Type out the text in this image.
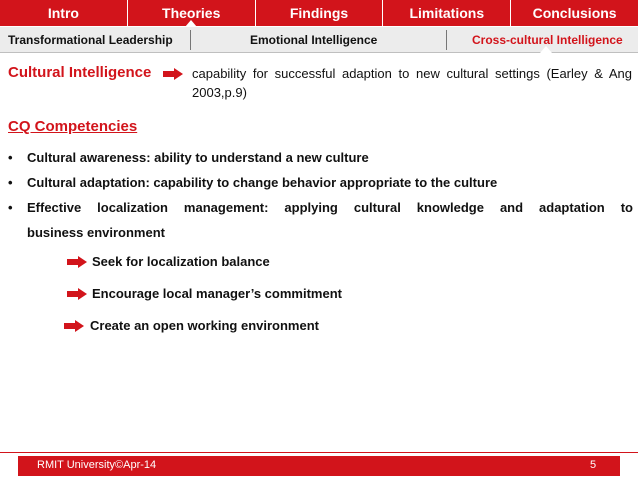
Intro	Theories	Findings	Limitations	Conclusions
Transformational Leadership	Emotional Intelligence	Cross-cultural Intelligence
Cultural Intelligence	capability for successful adaption to new cultural settings (Earley & Ang 2003,p.9)
CQ Competencies
• Cultural awareness: ability to understand a new culture
• Cultural adaptation: capability to change behavior appropriate to the culture
• Effective localization management: applying cultural knowledge and adaptation to
business environment
Seek for localization balance
Encourage local manager’s commitment
Create an open working environment
RMIT University©Apr-14	5
